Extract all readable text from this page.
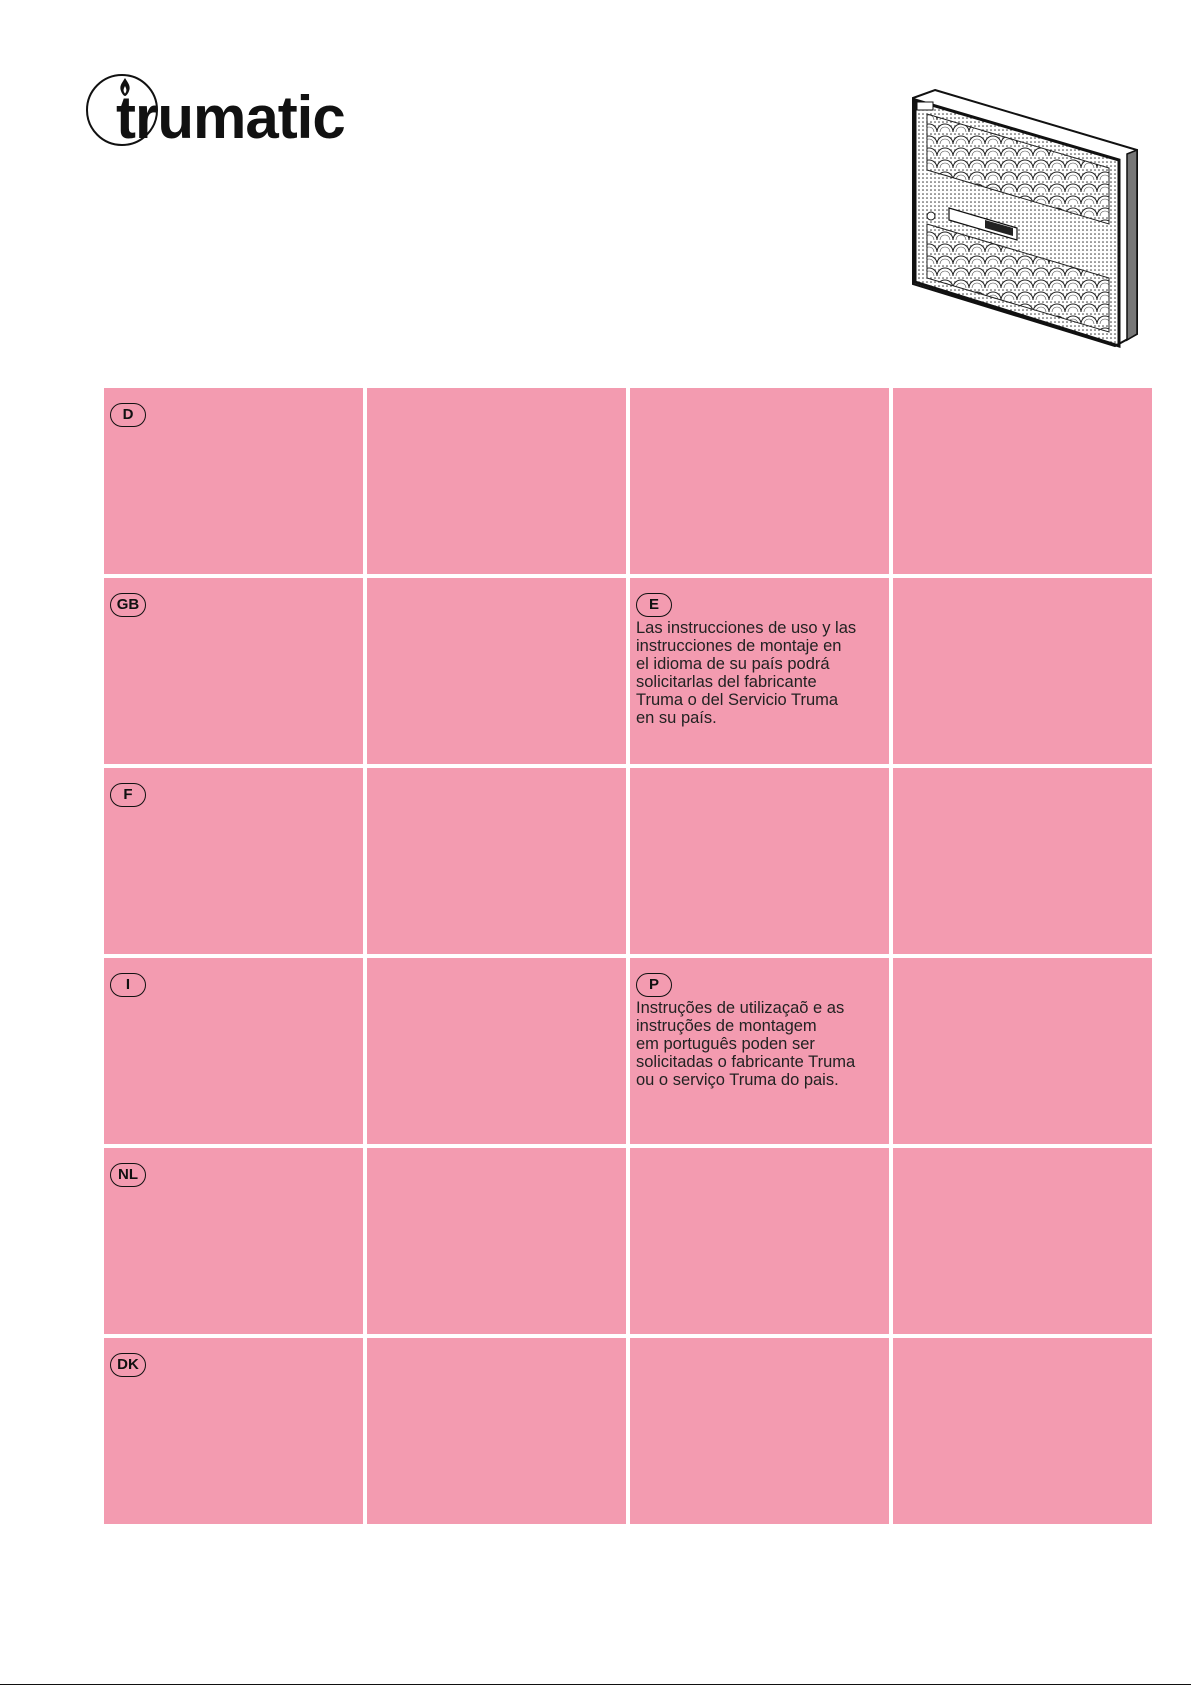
trumatic
D
GB	E
Las instrucciones de uso y las
instrucciones de montaje en
el idioma de su país podrá
solicitarlas del fabricante
Truma o del Servicio Truma
en su país.
F
I	P
Instruções de utilizaçaõ e as
instruções de montagem
em português poden ser
solicitadas o fabricante Truma
ou o serviço Truma do pais.
NL
DK
